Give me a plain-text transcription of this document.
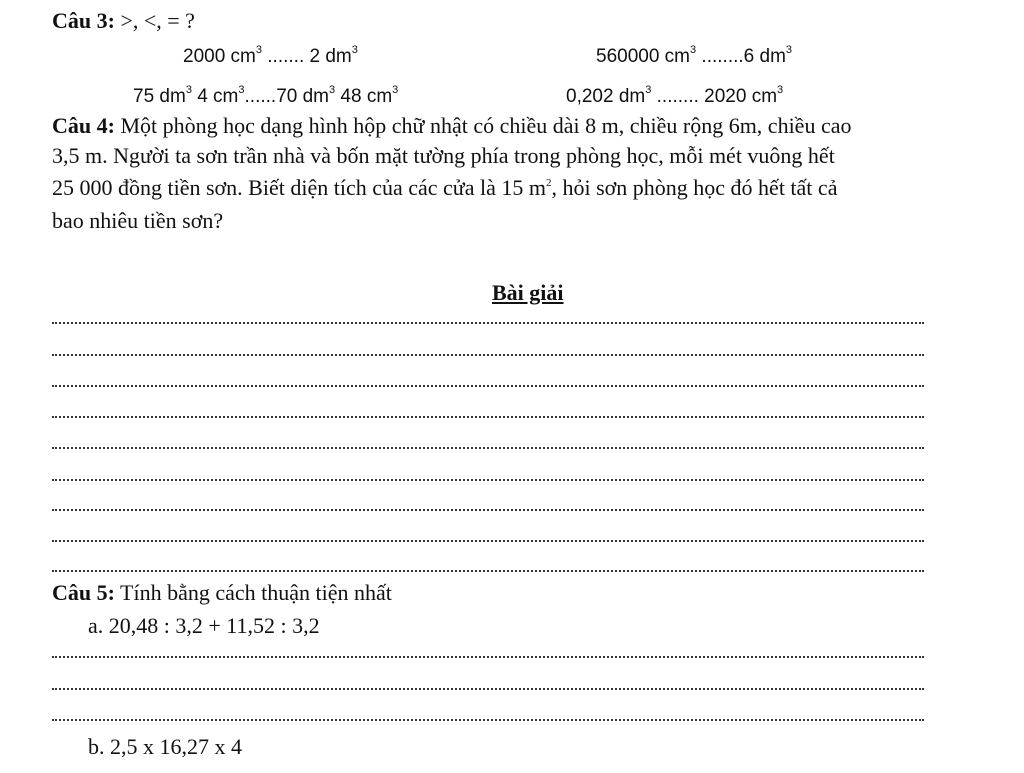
Câu 3: >, <, = ?
2000 $cm^3$ ....... 2 $dm^3$	560000 $cm^3$ ........6 $dm^3$
75 $dm^3$ 4 $cm^3......70$ $dm^3$ 48 $cm^3$	0,202 $dm^3$ ........ 2020 $cm^3$
Câu 4: Một phòng học dạng hình hộp chữ nhật có chiều dài 8 m, chiều rộng 6m, chiều cao
3,5 m. Người ta sơn trần nhà và bốn mặt tường phía trong phòng học, mỗi mét vuông hết
25 000 đồng tiền sơn. Biết diện tích của các cửa là 15 $m^2$, hỏi sơn phòng học đó hết tất cả
bao nhiêu tiền sơn?
Bài giải
Câu 5: Tính bằng cách thuận tiện nhất
a. 20,48 : 3,2 + 11,52 : 3,2
b. 2,5 x 16,27 x 4
